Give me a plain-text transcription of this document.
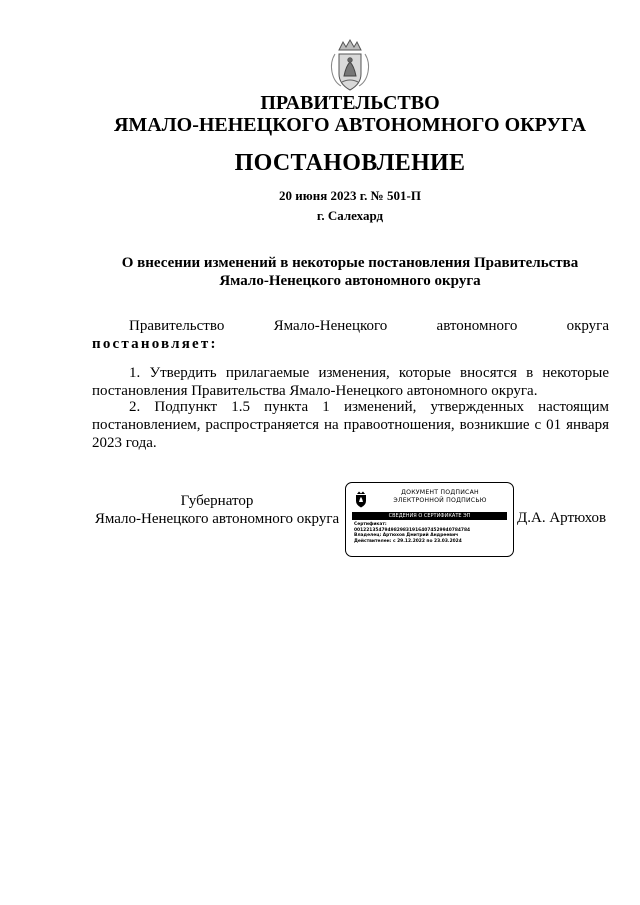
ПРАВИТЕЛЬСТВО
ЯМАЛО-НЕНЕЦКОГО АВТОНОМНОГО ОКРУГА
ПОСТАНОВЛЕНИЕ
20 июня 2023 г. № 501-П
г. Салехард
О внесении изменений в некоторые постановления Правительства
Ямало-Ненецкого автономного округа
Правительство Ямало-Ненецкого автономного округа
постановляет:
1. Утвердить прилагаемые изменения, которые вносятся в некоторые постановления Правительства Ямало-Ненецкого автономного округа.
2. Подпункт 1.5 пункта 1 изменений, утвержденных настоящим постановлением, распространяется на правоотношения, возникшие с 01 января 2023 года.
Губернатор
Ямало-Ненецкого автономного округа	Д.А. Артюхов
ДОКУМЕНТ ПОДПИСАН
ЭЛЕКТРОННОЙ ПОДПИСЬЮ
СВЕДЕНИЯ О СЕРТИФИКАТЕ ЭП
Сертификат:
00122135479498298319164074529940784784
Владелец: Артюхов Дмитрий Андреевич
Действителен: с 29.12.2022 по 23.03.2024
